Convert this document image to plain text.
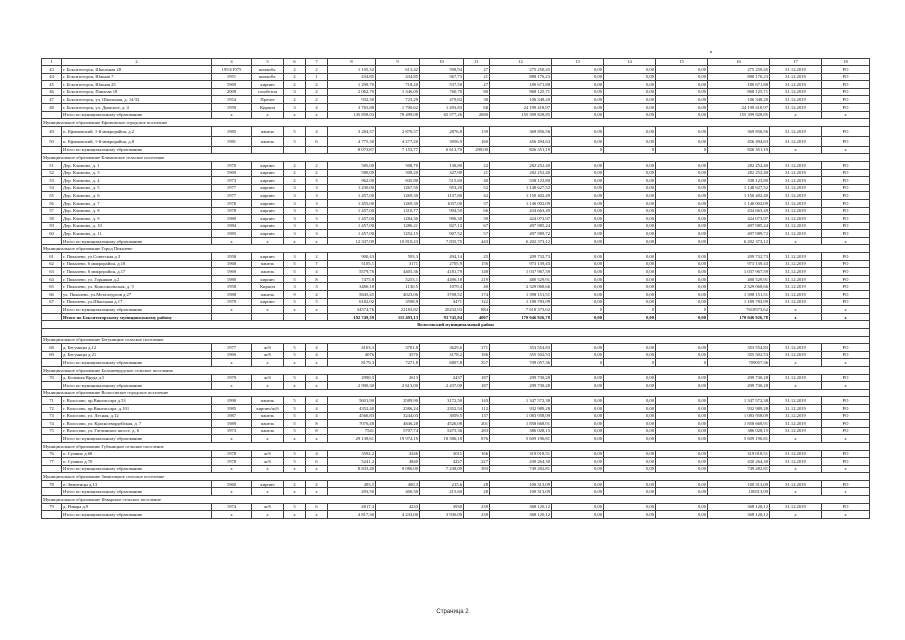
1	2	4	5	6	7	8	9	10	11	12	13	14	15	16	17	18
43	г. Бокситогорск, Школьная 28	1953/1975	шлакобл.	2	2	1 105,32	613,42	598,94	27	275 250,45	0,00	0,00	0,00	275 250,45	31.12.2019	РО
44	г. Бокситогорск, Южная 7	1951	шлакобл.	2	1	434,85	434,85	367,73	21	888 176,23	0,00	0,00	0,00	888 176,23	31.12.2019	РО
45	г. Бокситогорск, Южная 25	1969	кирпич	2	2	1 299,70	718,20	537,50	27	180 671,88	0,00	0,00	0,00	180 671,88	31.12.2019	РО
46	г. Бокситогорск, Павлова 18	2009	газобетон	3	2	2 062,70	1 346,00	760,70	80	868 125,71	0,00	0,00	0,00	868 125,71	31.12.2019	РО
47	г. Бокситогорск, ул. Школьная, д. 14/33	1954	Прочее	2	2	932,30	723,29	479,82	30	106 348,20	0,00	0,00	0,00	106 348,20	31.12.2019	РО
48	г. Бокситогорск, ул. Дымское, д. 4	1959	Кирпич	3	4	3 765,88	1 700,62	1 493,83	68	24 199 418,97	0,00	0,00	0,00	24 199 418,97	31.12.2019	РО
	Итого по муниципальному образованию	x	x	x	x	145 858,03	78 499,08	65 577,26	2680	155 399 828,85	0,00	0,00	0,00	155 399 828,85	x	x
Муниципальное образование Ефимовское городское поселение																
49	п. Ефимовский, 1-й микрорайон, д.2	1985	панель	5	4	3 284,57	2 876,57	2876,8	139	369 856,56	0,00	0,00	0,00	369 856,56	31.12.2019	РО
50	п. Ефимовский, 1-й микрорайон, д.8	1981	панель	5	6	4 775,30	4 277,20	3956,9	160	456 494,63	0,00	0,00	0,00	456 494,63	31.12.2019	РО
	Итого по муниципальному образованию					8 073,87	7 153,77	6 613,70	299,00	826 351,19	0	0	0	826 351,19	x	x
Муниципальное образование Климовское сельское поселение																
51	Дер. Климово, д. 1	1970	кирпич	2	2	585,00	508,70	138,80	22	282 252,40	0,00	0,00	0,00	282 252,40	31.12.2019	РО
52	Дер. Климово, д. 3	1969	кирпич	2	2	580,00	508,20	327,90	21	282 252,40	0,00	0,00	0,00	282 252,40	31.12.2019	РО
53	Дер. Климово, д. 4	1973	кирпич	2	3	962,00	845,80	515,60	40	338 123,80	0,00	0,00	0,00	338 123,80	31.12.2019	РО
54	Дер. Климово, д. 5	1977	кирпич	3	3	1 430,00	1267,50	953,20	52	1 148 627,52	0,00	0,00	0,00	1 148 627,52	31.12.2019	РО
55	Дер. Климово, д. 6	1977	кирпич	3	3	1 457,00	1269,30	1137,80	42	1 150 402,49	0,00	0,00	0,00	1 150 402,49	31.12.2019	РО
56	Дер. Климово, д. 7	1978	кирпич	3	3	1 455,00	1269,30	1037,00	37	1 146 002,09	0,00	0,00	0,00	1 146 002,09	31.12.2019	РО
57	Дер. Климово, д. 8	1978	кирпич	3	3	1 457,00	1310,77	994,50	66	434 663,49	0,00	0,00	0,00	434 663,49	31.12.2019	РО
58	Дер. Климово, д. 9	1980	кирпич	3	3	1 457,00	1284,30	996,30	39	424 073,97	0,00	0,00	0,00	424 073,97	31.12.2019	РО
59	Дер. Климово, д. 10	1984	кирпич	3	3	1 457,00	1286,21	827,13	67	497 985,24	0,00	0,00	0,00	497 985,24	31.12.2019	РО
60	Дер. Климово, д. 11	1985	кирпич	3	3	1 457,00	1252,15	907,52	57	497 989,72	0,00	0,00	0,00	497 989,72	31.12.2019	РО
	Итого по муниципальному образованию	x	x	x	x	12 337,00	10 810,23	7 835,75	443	6 202 373,12	0,00	0,00	0,00	6 202 373,12	x	x
Муниципальное образование Город Пикалево																
61	г. Пикалево, ул.Советская д.3	1958	кирпич	3	2	900,43	593,3	494,14	25	209 732,73	0,00	0,00	0,00	209 732,73	31.12.2019	РО
62	г. Пикалево, 6 микрорайон, д.18	1968	панель	5	7	5105,1	3171	2705,9	156	973 139,43	0,00	0,00	0,00	973 139,43	31.12.2019	РО
63	г. Пикалево, 6 микрорайон, д.17	1969	панель	5	4	5579,76	4405,36	4181,79	148	1 037 967,39	0,00	0,00	0,00	1 037 967,39	31.12.2019	РО
64	г. Пикалево, ул. Горняков д.2	1980	кирпич	5	8	7475,8	5253,1	4496,18	219	480 529,91	0,00	0,00	0,00	480 529,91	31.12.2019	РО
65	г. Пикалево, ул. Комсомольская, д. 5	1958	Кирпич	3	3	3486,18	1130,5	1079,4	40	2 329 068,66	0,00	0,00	0,00	2 329 068,66	31.12.2019	РО
66	ул. Пикалево, ул.Металлургов д.27	1988	панель	9	2	5845,45	4023,06	3708,52	174	1 398 151,51	0,00	0,00	0,00	1 398 151,51	31.12.2019	РО
67	г. Пикалево, ул.Школьная д.17	1979	кирпич	5	5	6182,02	3598,9	3471	122	1 189 783,99	0,00	0,00	0,00	1 189 783,99	31.12.2019	РО
	Итого по муниципальному образованию	x	x	x	x	34574,76	22183,82	20232,93	884	7 618 373,62	0	0	0	7618373,62	x	x
	Итого по Бокситогорскому муниципальному району					192 749,39	111 493,13	93 745,94	4007	170 046 926,78	0,00	0,00	0,00	170 046 926,78	x	x
Волосовский муниципальный район																

Муниципальное образование Бегуницкое сельское поселение																
68	д. Бегуницы д.12	1977	ж/б	5	4	4103,3	3701,8	3629,6	171	353 554,83	0,00	0,00	0,00	353 554,83	31.12.2019	РО
69	д. Бегуницы д.21	1969	ж/б	5	4	4076	3570	3178,2	186	355 502,53	0,00	0,00	0,00	355 502,53	31.12.2019	РО
	Итого по муниципальному образованию	x	x	x	x	8179,3	7271,8	6807,8	357	709 057,36	0	0	0	709057,36	x	x
Муниципальное образование Большеврудское сельское поселение																
70	д. Большая Вруда д.5	1979	ж/б	5	4	2990,3	2613	2437	187	299 730,28	0,00	0,00	0,00	299 730,28	31.12.2019	РО
	Итого по муниципальному образованию	x	x	x	x	2 990,30	2 613,00	2 437,00	187	299 730,28	0,00	0,00	0,00	299 730,28	x	x
Муниципальное образование Волосовское городское поселение																
71	г. Волосово, пр.Вингиссара д.53	1990	панель	5	4	5601,90	3589,90	3172,50	143	1 347 572,38	0,00	0,00	0,00	1 347 572,38	31.12.2019	РО
72	г. Волосово, пр.Вингиссара, д.101	1985	кирпич/ж/б	5	4	4352,40	2586,24	2352,54	112	932 989,28	0,00	0,00	0,00	932 989,28	31.12.2019	РО
73	г. Волосово, ул. Лесная, д.12	1987	панель	5	4	4566,83	3244,03	3059,5	137	1 083 958,09	0,00	0,00	0,00	1 083 958,09	31.12.2019	РО
74	г. Волосово, ул. Красногвардейская, д. 7	1989	панель	5	8	7076,48	4846,28	4526,08	201	1 858 668,91	0,00	0,00	0,00	1 858 668,91	31.12.2019	РО
75	г. Волосово, ул. Гатчинское шоссе, д. 6	1973	панель	5	8	7541	5707,74	5475,36	283	386 028,15	0,00	0,00	0,00	386 028,15	31.12.2019	РО
	Итого по муниципальному образованию	x	x	x	x	29 138,61	19 974,19	18 586,18	876	5 609 196,81	0,00	0,00	0,00	5 609 196,81	x	x
Муниципальное образование Губаницкое сельское поселение																
76	п. Сумино д.68	1978	ж/б	5	4	3592,2	3246	3011	166	319 018,51	0,00	0,00	0,00	319 018,51	31.12.2019	РО
77	п. Сумино д.70	1978	ж/б	5	6	5241,2	4840	4227	227	430 264,30	0,00	0,00	0,00	430 264,30	31.12.2019	РО
	Итого по муниципальному образованию	x	x	x	x	8 833,40	8 086,00	7 238,00	393	749 282,81	0,00	0,00	0,00	749 282,81	x	x
Муниципальное образование Зимитицкое сельское поселение																
78	п. Зимитицы д.13	1960	кирпич	2	2	493,5	400,3	215,6	28	100 313,09	0,00	0,00	0,00	100 313,09	31.12.2019	РО
	Итого по муниципальному образованию	x	x	x	x	493,50	400,30	215,60	28	100 313,09	0,00	0,00	0,00	100313,09	x	x
Муниципальное образование Изварское сельское поселение																
79	д. Извара д.9	1974	ж/б	5	6	4817,3	4233	3930	239	368 120,12	0,00	0,00	0,00	368 120,12	31.12.2019	РО
	Итого по муниципальному образованию	x	x	x	x	4 817,30	4 233,00	3 930,00	239	368 120,12	0,00	0,00	0,00	368 120,12	x	x
Страница 2
